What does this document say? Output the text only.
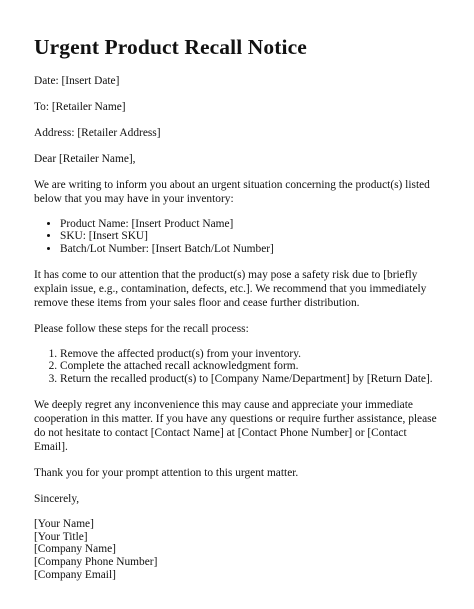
Urgent Product Recall Notice

Date: [Insert Date]

To: [Retailer Name]

Address: [Retailer Address]

Dear [Retailer Name],

We are writing to inform you about an urgent situation concerning the product(s) listed below that you may have in your inventory:

• Product Name: [Insert Product Name]
• SKU: [Insert SKU]
• Batch/Lot Number: [Insert Batch/Lot Number]

It has come to our attention that the product(s) may pose a safety risk due to [briefly explain issue, e.g., contamination, defects, etc.]. We recommend that you immediately remove these items from your sales floor and cease further distribution.

Please follow these steps for the recall process:

1. Remove the affected product(s) from your inventory.
2. Complete the attached recall acknowledgment form.
3. Return the recalled product(s) to [Company Name/Department] by [Return Date].

We deeply regret any inconvenience this may cause and appreciate your immediate cooperation in this matter. If you have any questions or require further assistance, please do not hesitate to contact [Contact Name] at [Contact Phone Number] or [Contact Email].

Thank you for your prompt attention to this urgent matter.

Sincerely,

[Your Name]
[Your Title]
[Company Name]
[Company Phone Number]
[Company Email]
